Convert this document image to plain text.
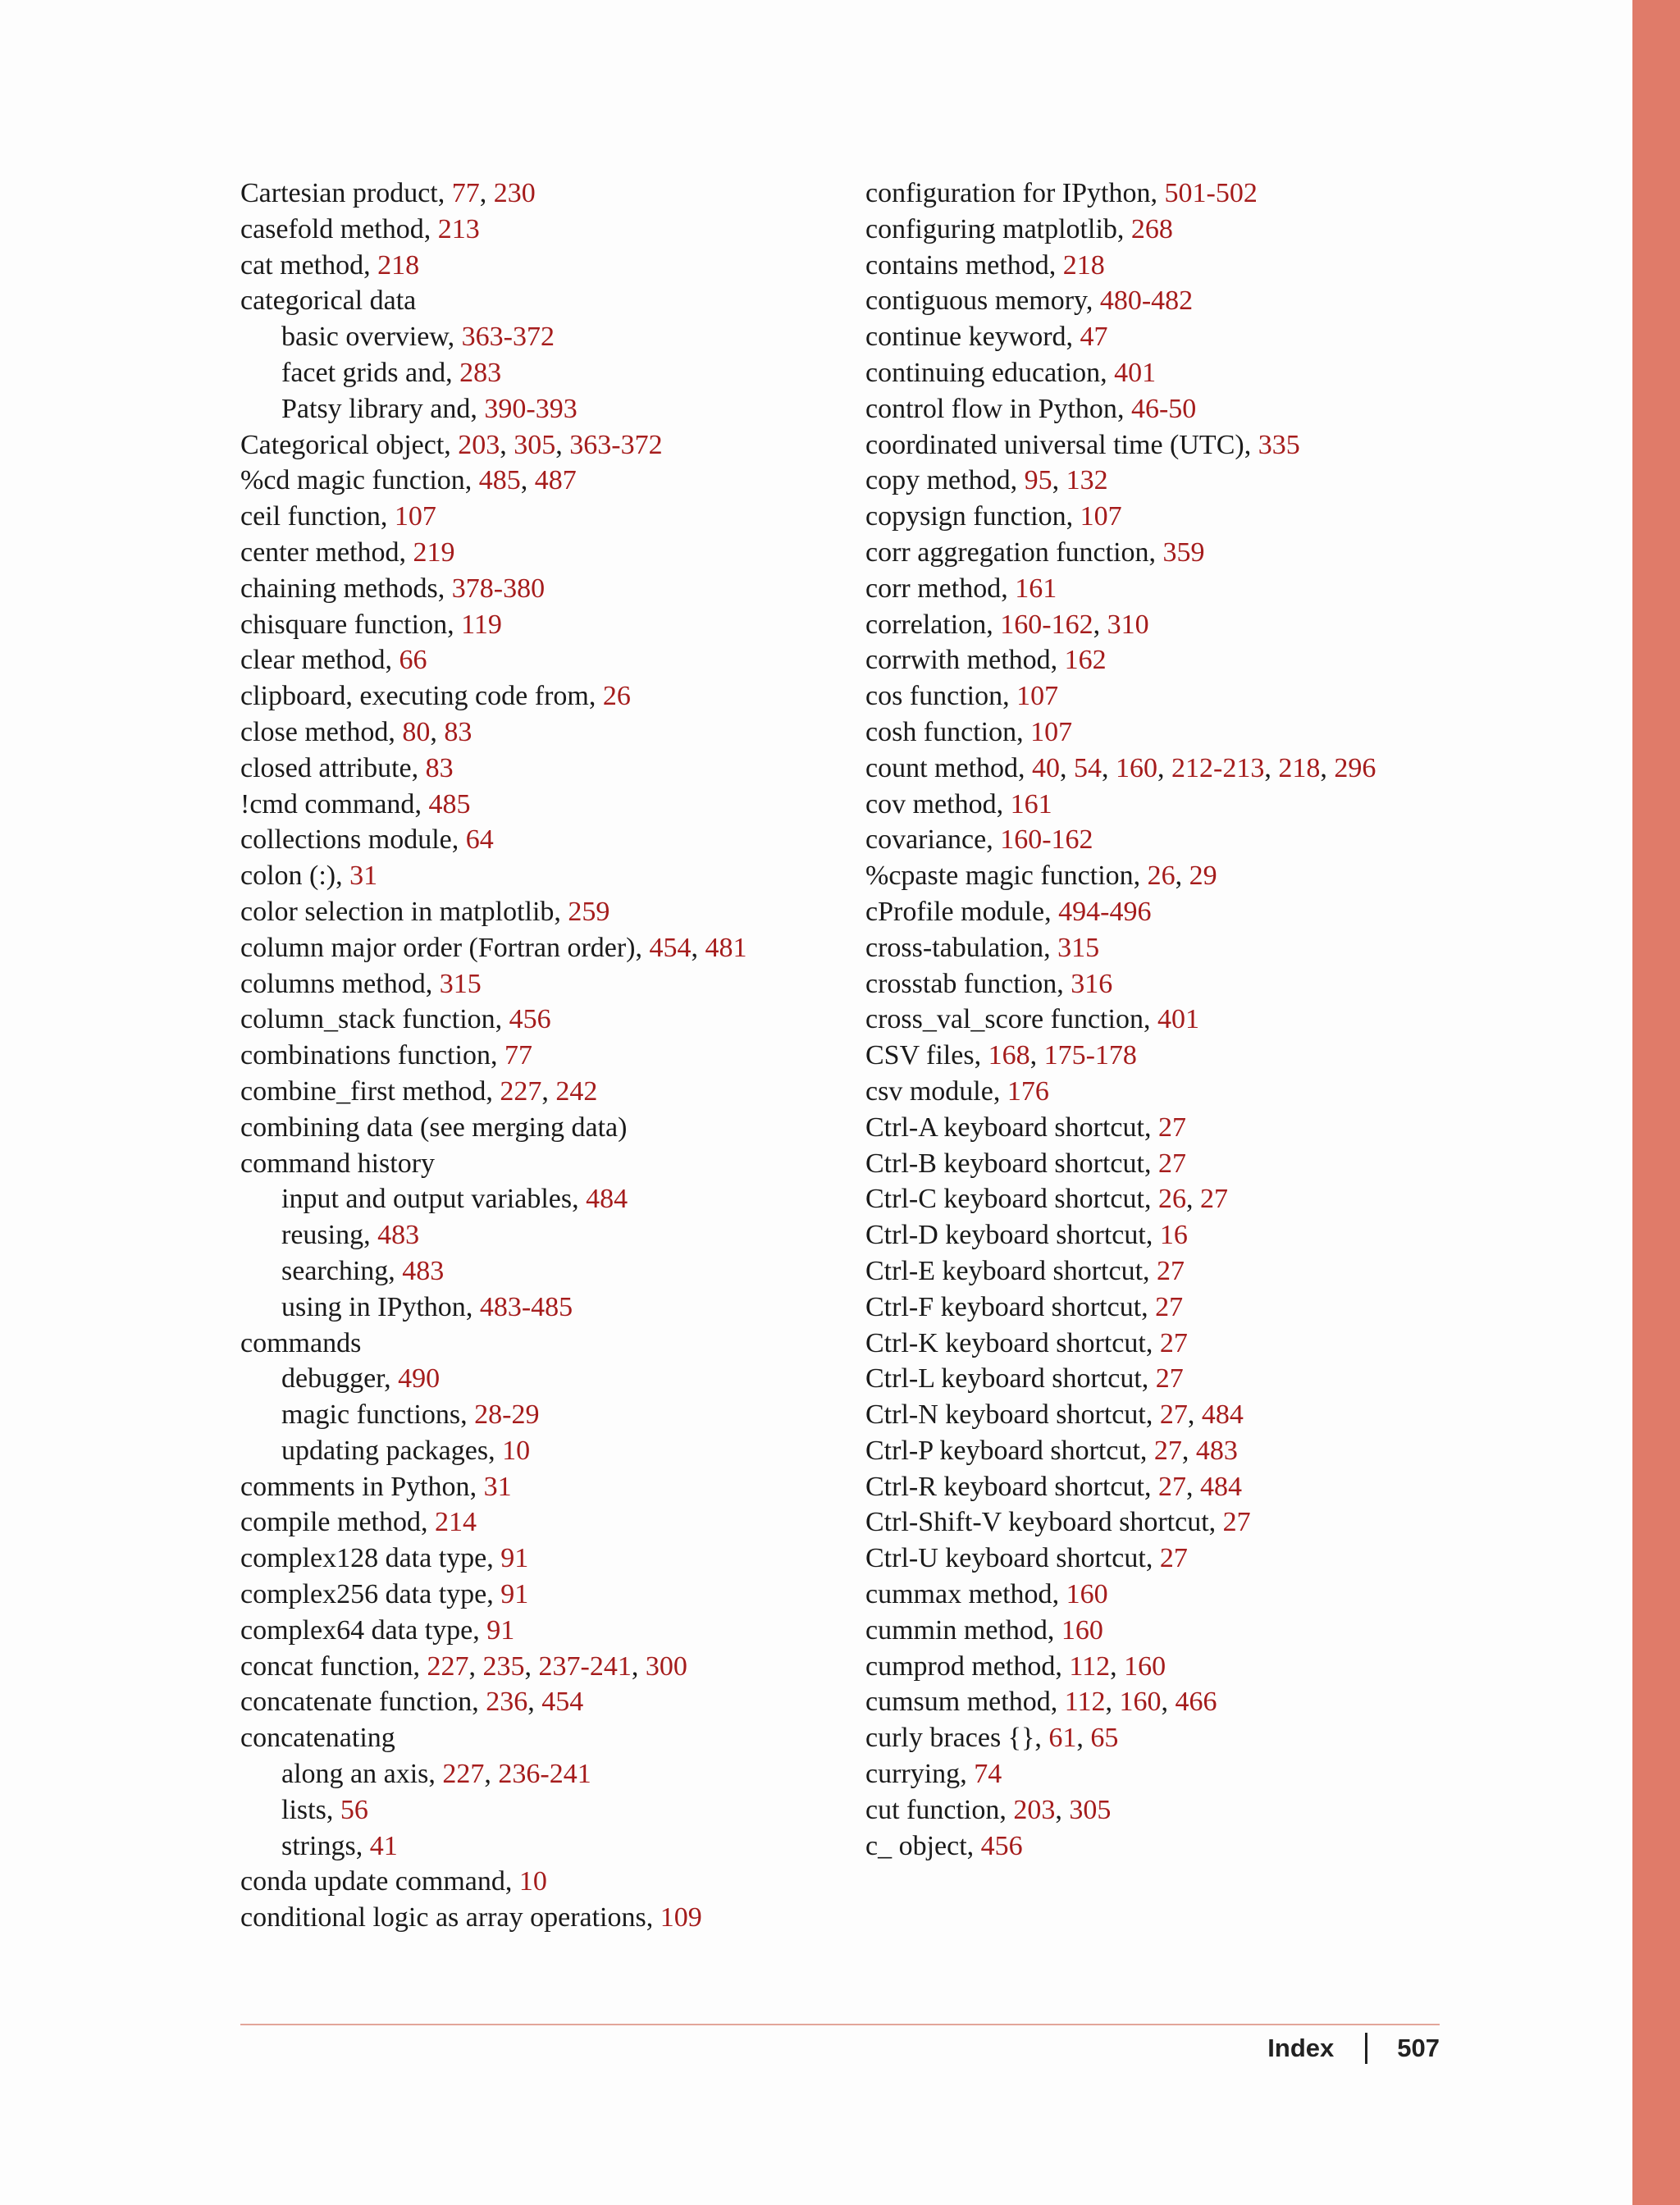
Cartesian product, 77, 230
casefold method, 213
cat method, 218
categorical data
basic overview, 363-372
facet grids and, 283
Patsy library and, 390-393
Categorical object, 203, 305, 363-372
%cd magic function, 485, 487
ceil function, 107
center method, 219
chaining methods, 378-380
chisquare function, 119
clear method, 66
clipboard, executing code from, 26
close method, 80, 83
closed attribute, 83
!cmd command, 485
collections module, 64
colon (:), 31
color selection in matplotlib, 259
column major order (Fortran order), 454, 481
columns method, 315
column_stack function, 456
combinations function, 77
combine_first method, 227, 242
combining data (see merging data)
command history
input and output variables, 484
reusing, 483
searching, 483
using in IPython, 483-485
commands
debugger, 490
magic functions, 28-29
updating packages, 10
comments in Python, 31
compile method, 214
complex128 data type, 91
complex256 data type, 91
complex64 data type, 91
concat function, 227, 235, 237-241, 300
concatenate function, 236, 454
concatenating
along an axis, 227, 236-241
lists, 56
strings, 41
conda update command, 10
conditional logic as array operations, 109
configuration for IPython, 501-502
configuring matplotlib, 268
contains method, 218
contiguous memory, 480-482
continue keyword, 47
continuing education, 401
control flow in Python, 46-50
coordinated universal time (UTC), 335
copy method, 95, 132
copysign function, 107
corr aggregation function, 359
corr method, 161
correlation, 160-162, 310
corrwith method, 162
cos function, 107
cosh function, 107
count method, 40, 54, 160, 212-213, 218, 296
cov method, 161
covariance, 160-162
%cpaste magic function, 26, 29
cProfile module, 494-496
cross-tabulation, 315
crosstab function, 316
cross_val_score function, 401
CSV files, 168, 175-178
csv module, 176
Ctrl-A keyboard shortcut, 27
Ctrl-B keyboard shortcut, 27
Ctrl-C keyboard shortcut, 26, 27
Ctrl-D keyboard shortcut, 16
Ctrl-E keyboard shortcut, 27
Ctrl-F keyboard shortcut, 27
Ctrl-K keyboard shortcut, 27
Ctrl-L keyboard shortcut, 27
Ctrl-N keyboard shortcut, 27, 484
Ctrl-P keyboard shortcut, 27, 483
Ctrl-R keyboard shortcut, 27, 484
Ctrl-Shift-V keyboard shortcut, 27
Ctrl-U keyboard shortcut, 27
cummax method, 160
cummin method, 160
cumprod method, 112, 160
cumsum method, 112, 160, 466
curly braces {}, 61, 65
currying, 74
cut function, 203, 305
c_ object, 456
Index 507
